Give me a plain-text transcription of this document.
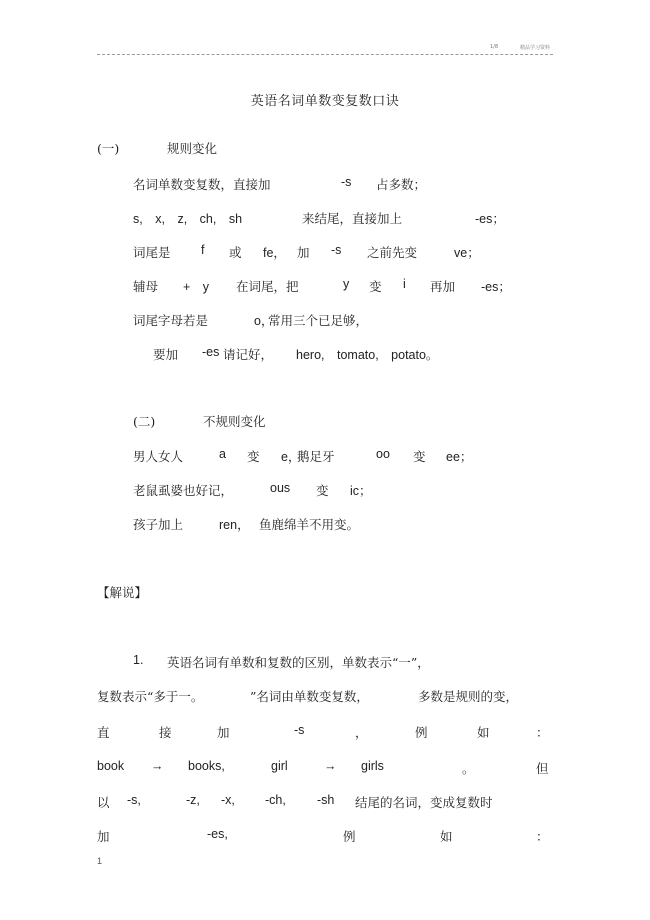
1/8	精品学习资料
英语名词单数变复数口诀
(一)	规则变化
名词单数变复数，直接加	-s 占多数；
s,　x,　z,　ch,　sh	来结尾，直接加上	-es；
词尾是 f 或 fe， 加 -s 之前先变	ve；
辅母 +　y 在词尾，把	y 变 i 再加 -es；
词尾字母若是	o，
常用三个已足够，
要加 -es 请记好， hero,　tomato,　potato。
(二)	不规则变化
男人女人	a 变 e，
鹅足牙	oo 变 ee；
老鼠虱婆也好记，	ous 变 ic；
孩子加上	ren， 鱼鹿绵羊不用变。
【解说】
1. 英语名词有单数和复数的区别，单数表示“一”，
复数表示“多于一。	”名词由单数变复数，	多数是规则的变，
直	接	加	-s	，	例	如	：
book → books,	girl	→ girls	。	但
以 -s,	-z, -x, -ch, -sh 结尾的名词，变成复数时
加	-es,	例	如	：
1
